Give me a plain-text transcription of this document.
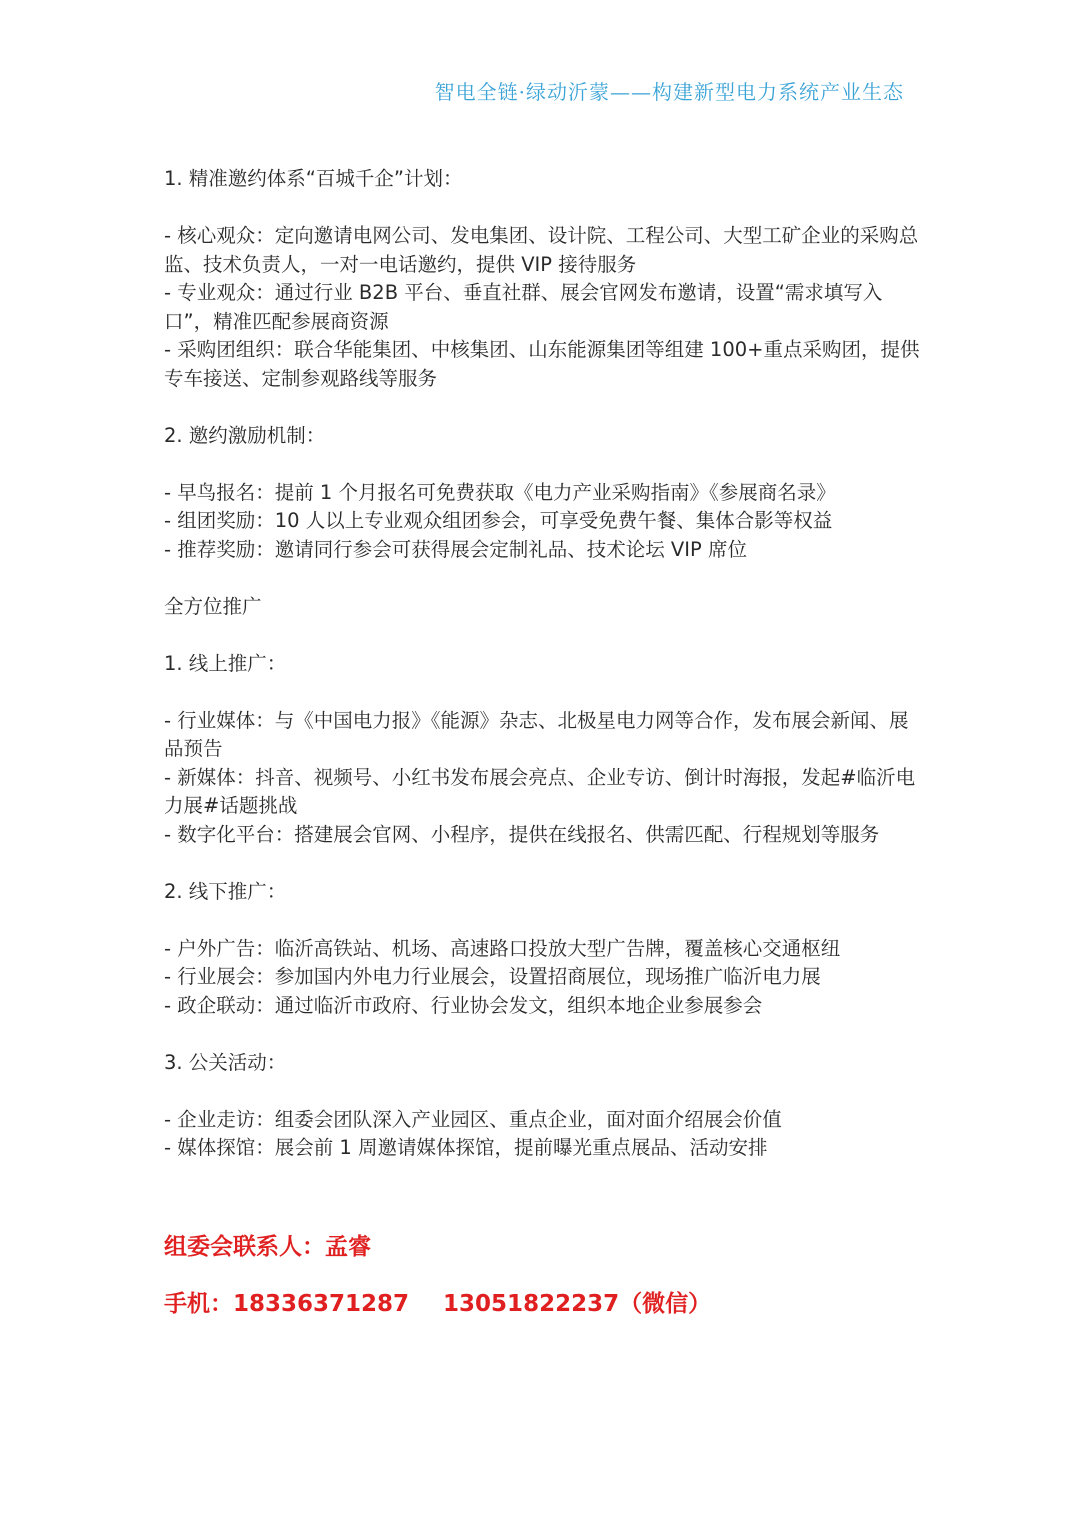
智电全链·绿动沂蒙——构建新型电力系统产业生态

1. 精准邀约体系“百城千企”计划：

- 核心观众：定向邀请电网公司、发电集团、设计院、工程公司、大型工矿企业的采购总监、技术负责人，一对一电话邀约，提供 VIP 接待服务

- 专业观众：通过行业 B2B 平台、垂直社群、展会官网发布邀请，设置“需求填写入口”，精准匹配参展商资源

- 采购团组织：联合华能集团、中核集团、山东能源集团等组建 100+重点采购团，提供专车接送、定制参观路线等服务

2. 邀约激励机制：

- 早鸟报名：提前 1 个月报名可免费获取《电力产业采购指南》《参展商名录》

- 组团奖励：10 人以上专业观众组团参会，可享受免费午餐、集体合影等权益

- 推荐奖励：邀请同行参会可获得展会定制礼品、技术论坛 VIP 席位

全方位推广

1. 线上推广：

- 行业媒体：与《中国电力报》《能源》杂志、北极星电力网等合作，发布展会新闻、展品预告

- 新媒体：抖音、视频号、小红书发布展会亮点、企业专访、倒计时海报，发起#临沂电力展#话题挑战

- 数字化平台：搭建展会官网、小程序，提供在线报名、供需匹配、行程规划等服务

2. 线下推广：

- 户外广告：临沂高铁站、机场、高速路口投放大型广告牌，覆盖核心交通枢纽

- 行业展会：参加国内外电力行业展会，设置招商展位，现场推广临沂电力展

- 政企联动：通过临沂市政府、行业协会发文，组织本地企业参展参会

3. 公关活动：

- 企业走访：组委会团队深入产业园区、重点企业，面对面介绍展会价值

- 媒体探馆：展会前 1 周邀请媒体探馆，提前曝光重点展品、活动安排

组委会联系人：孟睿
手机：18336371287 13051822237（微信）
